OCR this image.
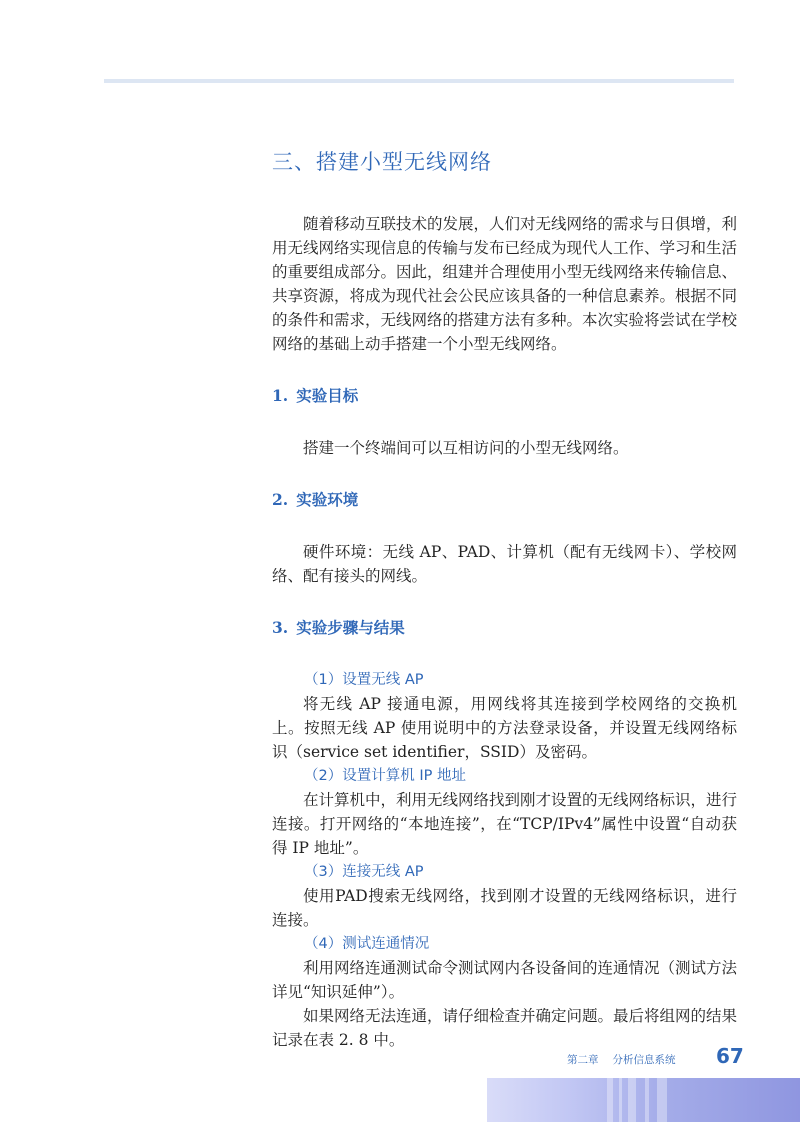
三、搭建小型无线网络

随着移动互联技术的发展，人们对无线网络的需求与日俱增，利用无线网络实现信息的传输与发布已经成为现代人工作、学习和生活的重要组成部分。因此，组建并合理使用小型无线网络来传输信息、共享资源，将成为现代社会公民应该具备的一种信息素养。根据不同的条件和需求，无线网络的搭建方法有多种。本次实验将尝试在学校网络的基础上动手搭建一个小型无线网络。

1. 实验目标

搭建一个终端间可以互相访问的小型无线网络。

2. 实验环境

硬件环境：无线 AP、PAD、计算机（配有无线网卡）、学校网络、配有接头的网线。

3. 实验步骤与结果
（1）设置无线 AP

将无线 AP 接通电源，用网线将其连接到学校网络的交换机上。按照无线 AP 使用说明中的方法登录设备，并设置无线网络标识（service set identifier，SSID）及密码。

（2）设置计算机 IP 地址

在计算机中，利用无线网络找到刚才设置的无线网络标识，进行连接。打开网络的“本地连接”，在“TCP/IPv4”属性中设置“自动获得 IP 地址”。

（3）连接无线 AP

使用PAD搜索无线网络，找到刚才设置的无线网络标识，进行连接。

（4）测试连通情况

利用网络连通测试命令测试网内各设备间的连通情况（测试方法详见“知识延伸”）。

如果网络无法连通，请仔细检查并确定问题。最后将组网的结果记录在表 2. 8 中。

第二章 分析信息系统 67
